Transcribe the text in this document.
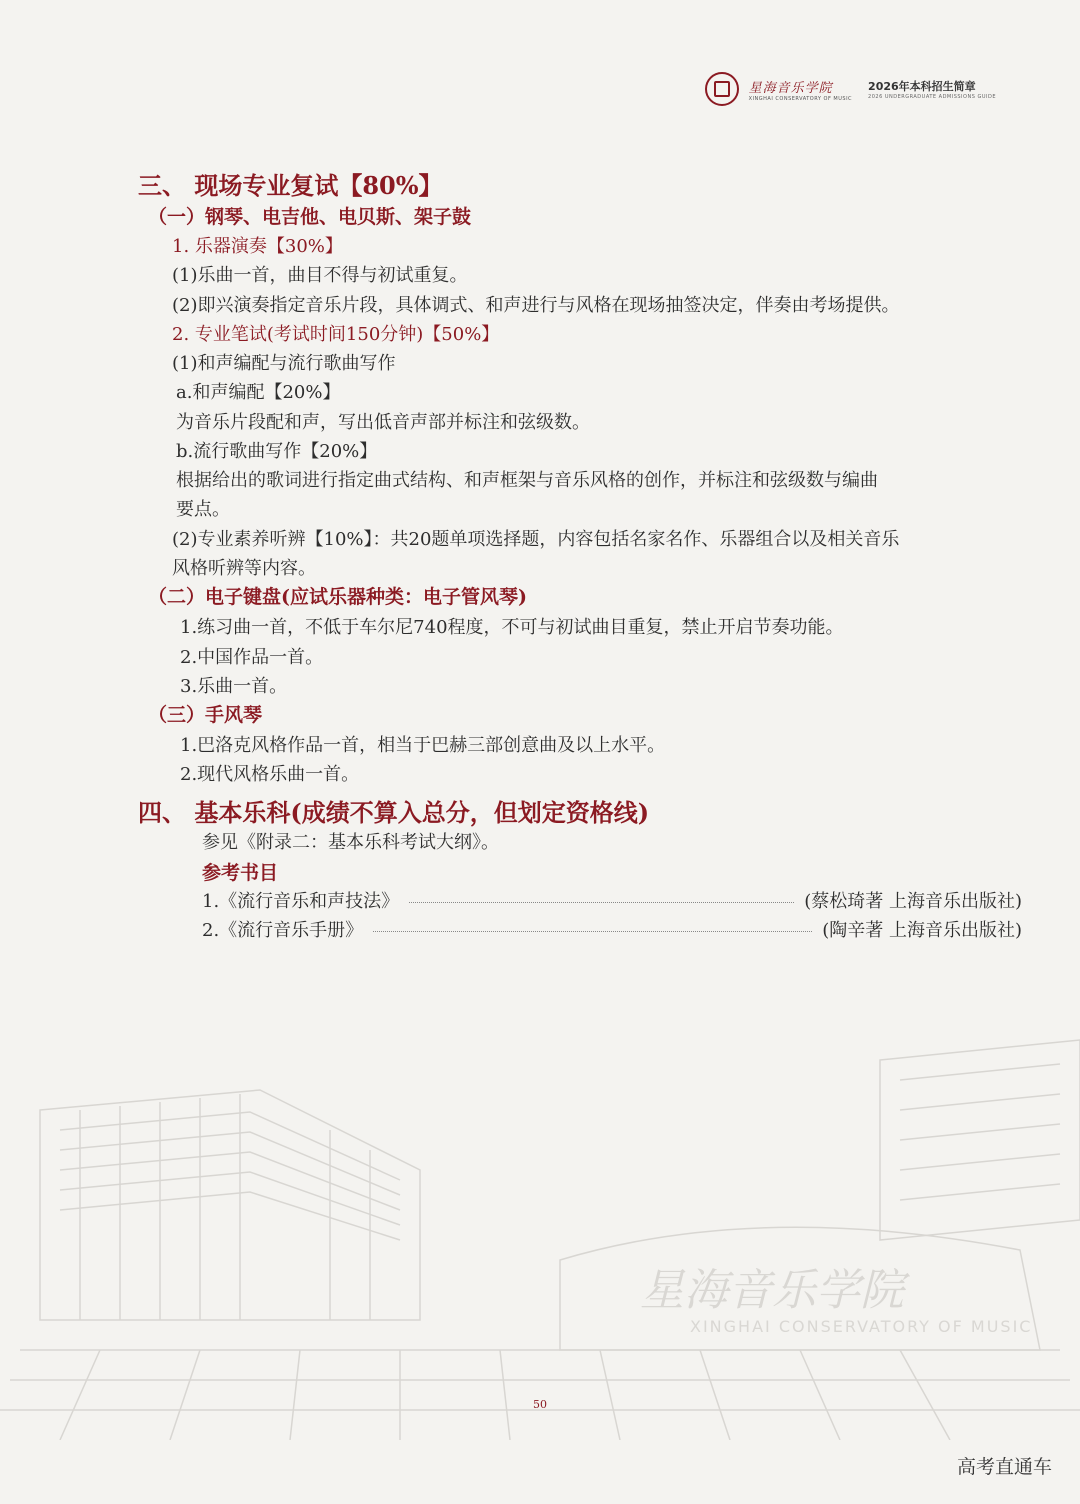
星海音乐学院
XINGHAI CONSERVATORY OF MUSIC
2026年本科招生简章
2026 UNDERGRADUATE ADMISSIONS GUIDE
三、 现场专业复试【80%】
（一）钢琴、电吉他、电贝斯、架子鼓
1. 乐器演奏【30%】
(1)乐曲一首，曲目不得与初试重复。
(2)即兴演奏指定音乐片段，具体调式、和声进行与风格在现场抽签决定，伴奏由考场提供。
2. 专业笔试(考试时间150分钟)【50%】
(1)和声编配与流行歌曲写作
a.和声编配【20%】
为音乐片段配和声，写出低音声部并标注和弦级数。
b.流行歌曲写作【20%】
根据给出的歌词进行指定曲式结构、和声框架与音乐风格的创作，并标注和弦级数与编曲
要点。
(2)专业素养听辨【10%】：共20题单项选择题，内容包括名家名作、乐器组合以及相关音乐
风格听辨等内容。
（二）电子键盘(应试乐器种类：电子管风琴)
1.练习曲一首，不低于车尔尼740程度，不可与初试曲目重复，禁止开启节奏功能。
2.中国作品一首。
3.乐曲一首。
（三）手风琴
1.巴洛克风格作品一首，相当于巴赫三部创意曲及以上水平。
2.现代风格乐曲一首。
四、 基本乐科(成绩不算入总分，但划定资格线)
参见《附录二：基本乐科考试大纲》。
参考书目
1.《流行音乐和声技法》	(蔡松琦著 上海音乐出版社)
2.《流行音乐手册》	(陶辛著 上海音乐出版社)
星海音乐学院
XINGHAI CONSERVATORY OF MUSIC
50
高考直通车
